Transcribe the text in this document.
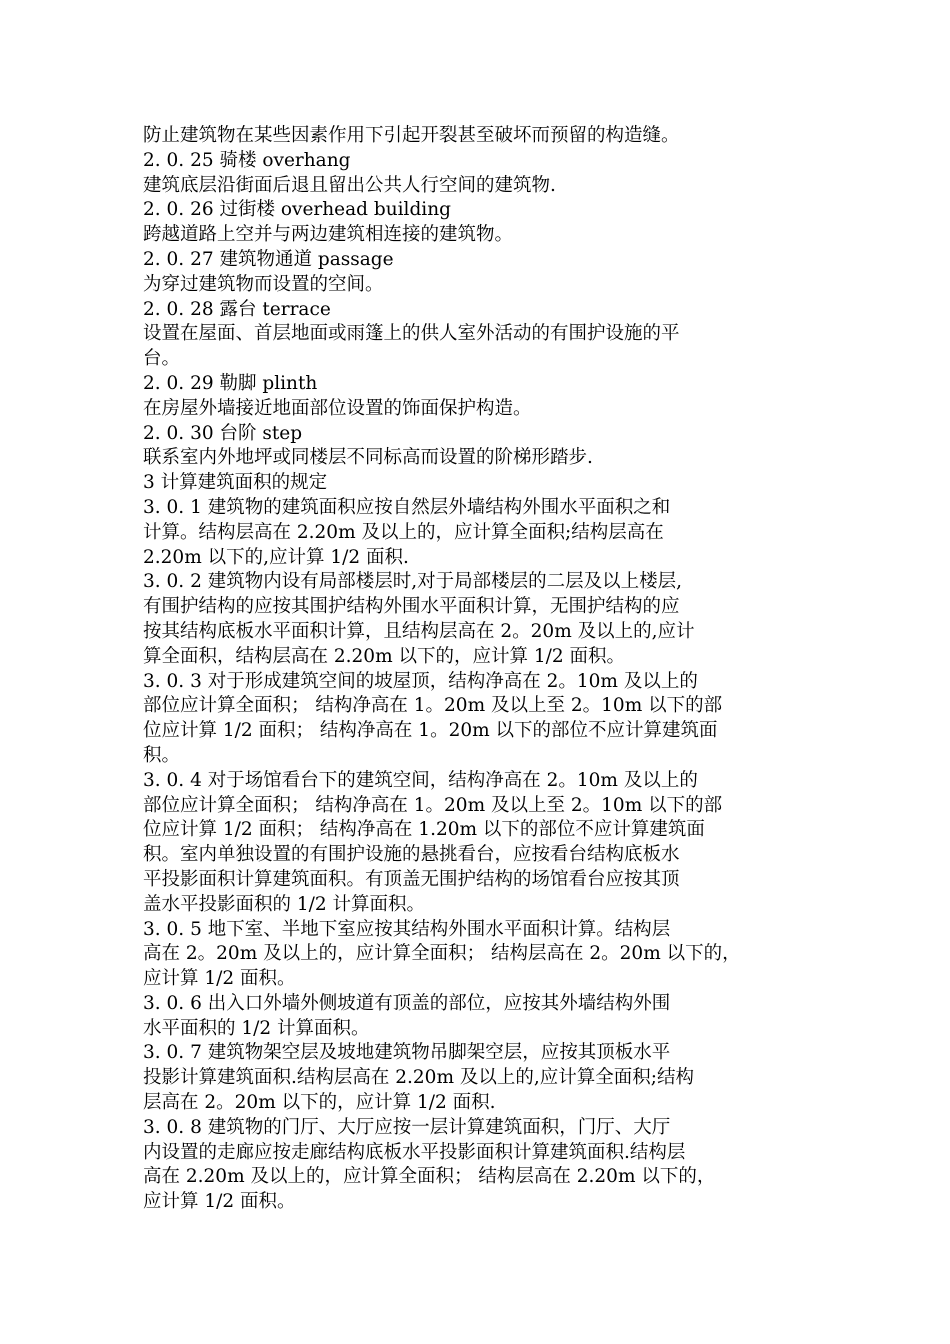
防止建筑物在某些因素作用下引起开裂甚至破坏而预留的构造缝。
2. 0. 25 骑楼 overhang
建筑底层沿街面后退且留出公共人行空间的建筑物.
2. 0. 26 过街楼 overhead building
跨越道路上空并与两边建筑相连接的建筑物。
2. 0. 27 建筑物通道 passage
为穿过建筑物而设置的空间。
2. 0. 28 露台 terrace
设置在屋面、首层地面或雨篷上的供人室外活动的有围护设施的平
台。
2. 0. 29 勒脚 plinth
在房屋外墙接近地面部位设置的饰面保护构造。
2. 0. 30 台阶 step
联系室内外地坪或同楼层不同标高而设置的阶梯形踏步.
3 计算建筑面积的规定
3. 0. 1 建筑物的建筑面积应按自然层外墙结构外围水平面积之和
计算。结构层高在 2.20m 及以上的，应计算全面积;结构层高在
2.20m 以下的,应计算 1/2 面积.
3. 0. 2 建筑物内设有局部楼层时,对于局部楼层的二层及以上楼层,
有围护结构的应按其围护结构外围水平面积计算，无围护结构的应
按其结构底板水平面积计算，且结构层高在 2。20m 及以上的,应计
算全面积，结构层高在 2.20m 以下的，应计算 1/2 面积。
3. 0. 3 对于形成建筑空间的坡屋顶，结构净高在 2。10m 及以上的
部位应计算全面积； 结构净高在 1。20m 及以上至 2。10m 以下的部
位应计算 1/2 面积； 结构净高在 1。20m 以下的部位不应计算建筑面
积。
3. 0. 4 对于场馆看台下的建筑空间，结构净高在 2。10m 及以上的
部位应计算全面积； 结构净高在 1。20m 及以上至 2。10m 以下的部
位应计算 1/2 面积； 结构净高在 1.20m 以下的部位不应计算建筑面
积。室内单独设置的有围护设施的悬挑看台，应按看台结构底板水
平投影面积计算建筑面积。有顶盖无围护结构的场馆看台应按其顶
盖水平投影面积的 1/2 计算面积。
3. 0. 5 地下室、半地下室应按其结构外围水平面积计算。结构层
高在 2。20m 及以上的，应计算全面积； 结构层高在 2。20m 以下的，
应计算 1/2 面积。
3. 0. 6 出入口外墙外侧坡道有顶盖的部位，应按其外墙结构外围
水平面积的 1/2 计算面积。
3. 0. 7 建筑物架空层及坡地建筑物吊脚架空层，应按其顶板水平
投影计算建筑面积.结构层高在 2.20m 及以上的,应计算全面积;结构
层高在 2。20m 以下的，应计算 1/2 面积.
3. 0. 8 建筑物的门厅、大厅应按一层计算建筑面积，门厅、大厅
内设置的走廊应按走廊结构底板水平投影面积计算建筑面积.结构层
高在 2.20m 及以上的，应计算全面积； 结构层高在 2.20m 以下的，
应计算 1/2 面积。
